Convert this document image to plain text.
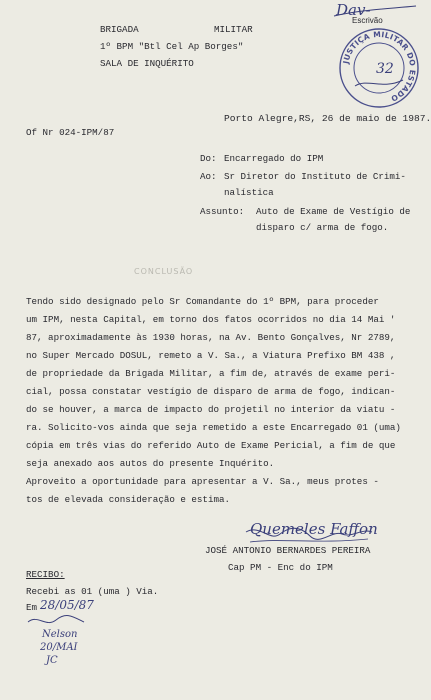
BRIGADA	MILITAR
1º BPM "Btl Cel Ap Borges"
SALA DE INQUÉRITO
Dav-
Escrivão
JUSTIÇA MILITAR DO ESTADO
32
Porto Alegre,RS, 26 de maio de 1987.
Of Nr 024-IPM/87
Do: Encarregado do IPM
Ao: Sr Diretor do Instituto de Crimi-
nalística
Assunto: Auto de Exame de Vestígio de
disparo c/ arma de fogo.
CONCLUSÃO
Tendo sido designado pelo Sr Comandante do 1º BPM, para proceder
um IPM, nesta Capital, em torno dos fatos ocorridos no dia 14 Mai '
87, aproximadamente às 1930 horas, na Av. Bento Gonçalves, Nr 2789,
no Super Mercado DOSUL, remeto a V. Sa., a Viatura Prefixo BM 438 ,
de propriedade da Brigada Militar, a fim de, através de exame peri-
cial, possa constatar vestígio de disparo de arma de fogo, indican-
do se houver, a marca de impacto do projetil no interior da viatu -
ra. Solicito-vos ainda que seja remetido a este Encarregado 01 (uma)
cópia em três vias do referido Auto de Exame Pericial, a fim de que
seja anexado aos autos do presente Inquérito.
Aproveito a oportunidade para apresentar a V. Sa., meus protes -
tos de elevada consideração e estima.
Quemeles Faffon
JOSÉ ANTONIO BERNARDES PEREIRA
Cap PM - Enc do IPM
RECIBO:
Recebi as 01 (uma ) Via.
Em 28/05/87
Nelson
20/MAI
JC
